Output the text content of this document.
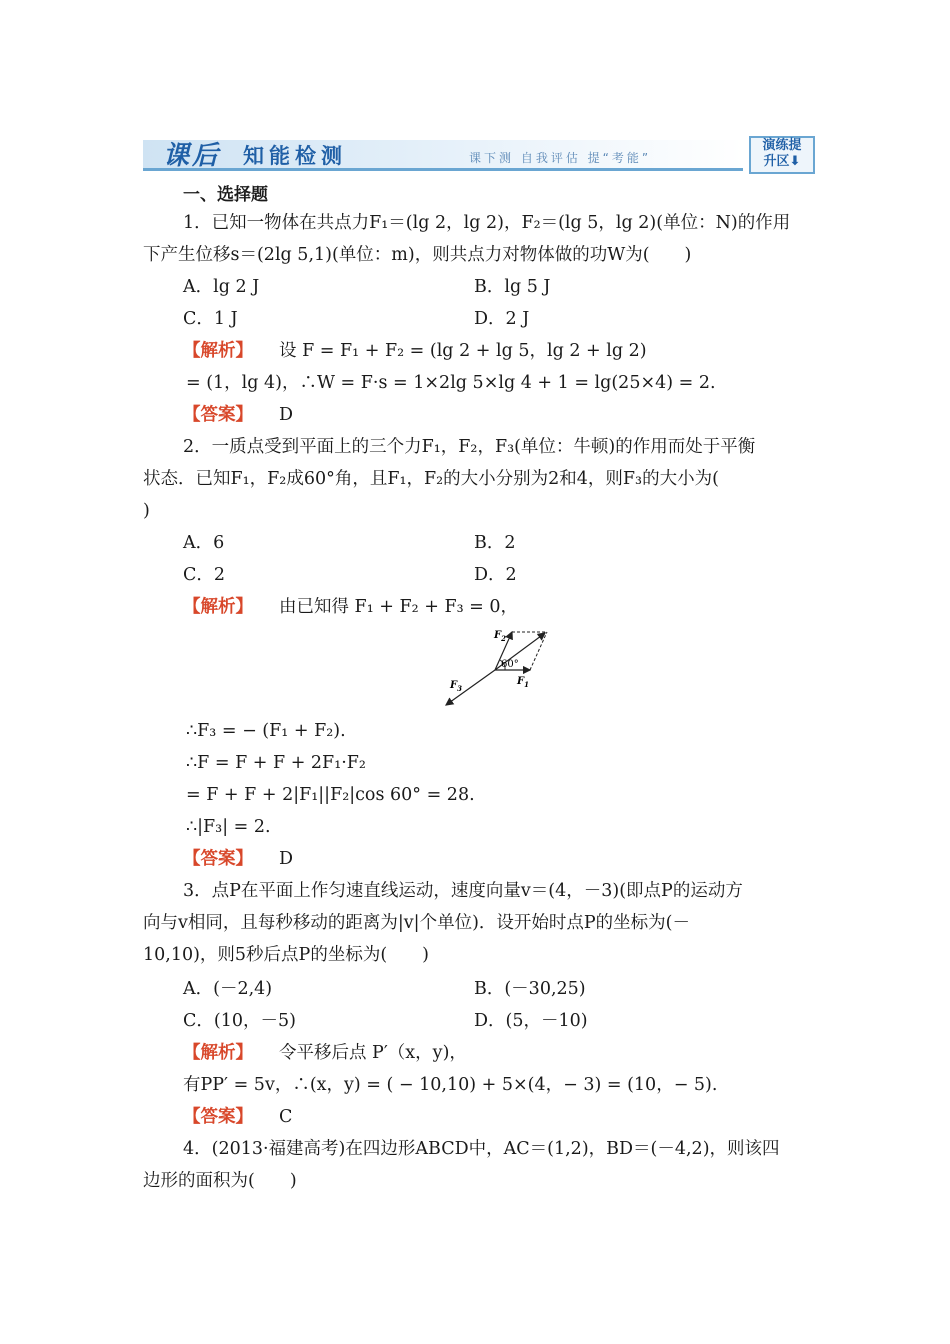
课后 知能检测	课下测 自我评估 提“考能”
演练提
升区⬇
一、选择题
1．已知一物体在共点力F₁＝(lg 2，lg 2)，F₂＝(lg 5，lg 2)(单位：N)的作用
下产生位移s＝(2lg 5,1)(单位：m)，则共点力对物体做的功W为(　　)
A．lg 2 J	B．lg 5 J
C．1 J	D．2 J
【解析】 设 F = F₁ + F₂ = (lg 2 + lg 5，lg 2 + lg 2)
= (1，lg 4)，∴W = F·s = 1×2lg 5×lg 4 + 1 = lg(25×4) = 2.
【答案】 D
2．一质点受到平面上的三个力F₁，F₂，F₃(单位：牛顿)的作用而处于平衡
状态．已知F₁，F₂成60°角，且F₁，F₂的大小分别为2和4，则F₃的大小为(
)
A．6	B．2
C．2	D．2
【解析】 由已知得 F₁ + F₂ + F₃ = 0，
60°
$F_2$
$F_1$
$F_3$
∴F₃ = − (F₁ + F₂).
∴F = F + F + 2F₁·F₂
= F + F + 2|F₁||F₂|cos 60° = 28.
∴|F₃| = 2.
【答案】 D
3．点P在平面上作匀速直线运动，速度向量v＝(4，－3)(即点P的运动方
向与v相同，且每秒移动的距离为|v|个单位)．设开始时点P的坐标为(－
10,10)，则5秒后点P的坐标为(　　)
A．(－2,4)	B．(－30,25)
C．(10，－5)	D．(5，－10)
【解析】 令平移后点 P′（x，y)，
有PP′ = 5v，∴(x，y) = ( − 10,10) + 5×(4，− 3) = (10，− 5).
【答案】 C
4．(2013·福建高考)在四边形ABCD中，AC＝(1,2)，BD＝(－4,2)，则该四
边形的面积为(　　)
